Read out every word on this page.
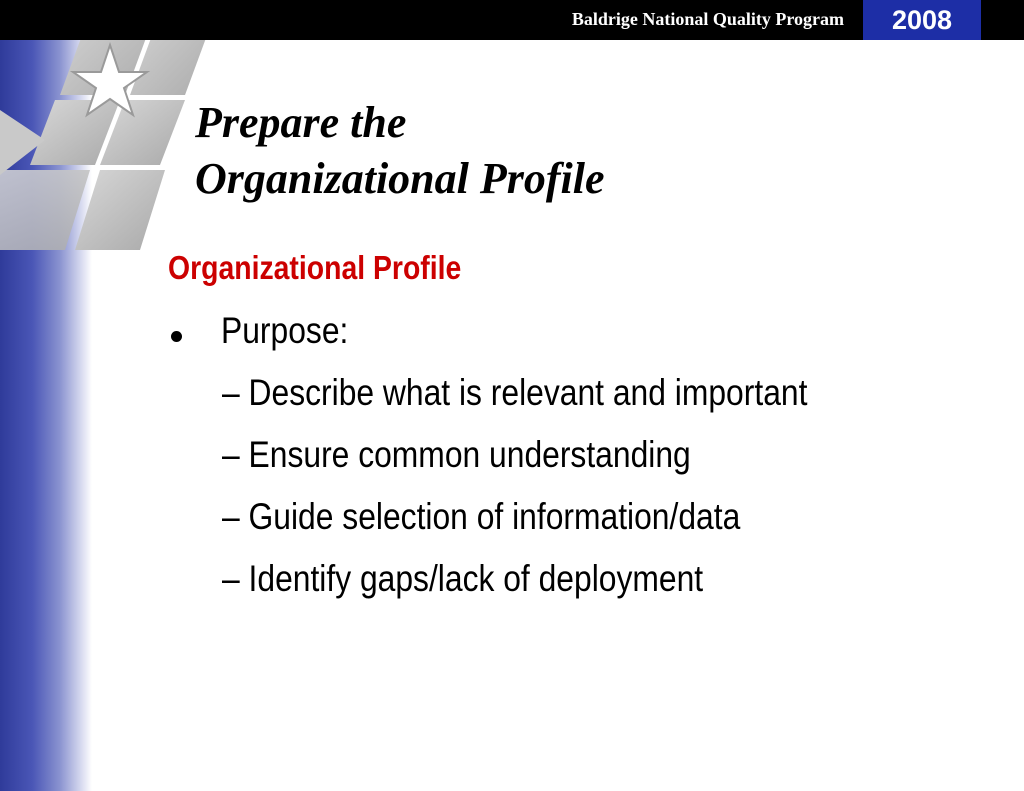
Baldrige National Quality Program	2008
Prepare the
Organizational Profile
Organizational Profile
Purpose:
– Describe what is relevant and important
– Ensure common understanding
– Guide selection of information/data
– Identify gaps/lack of deployment
